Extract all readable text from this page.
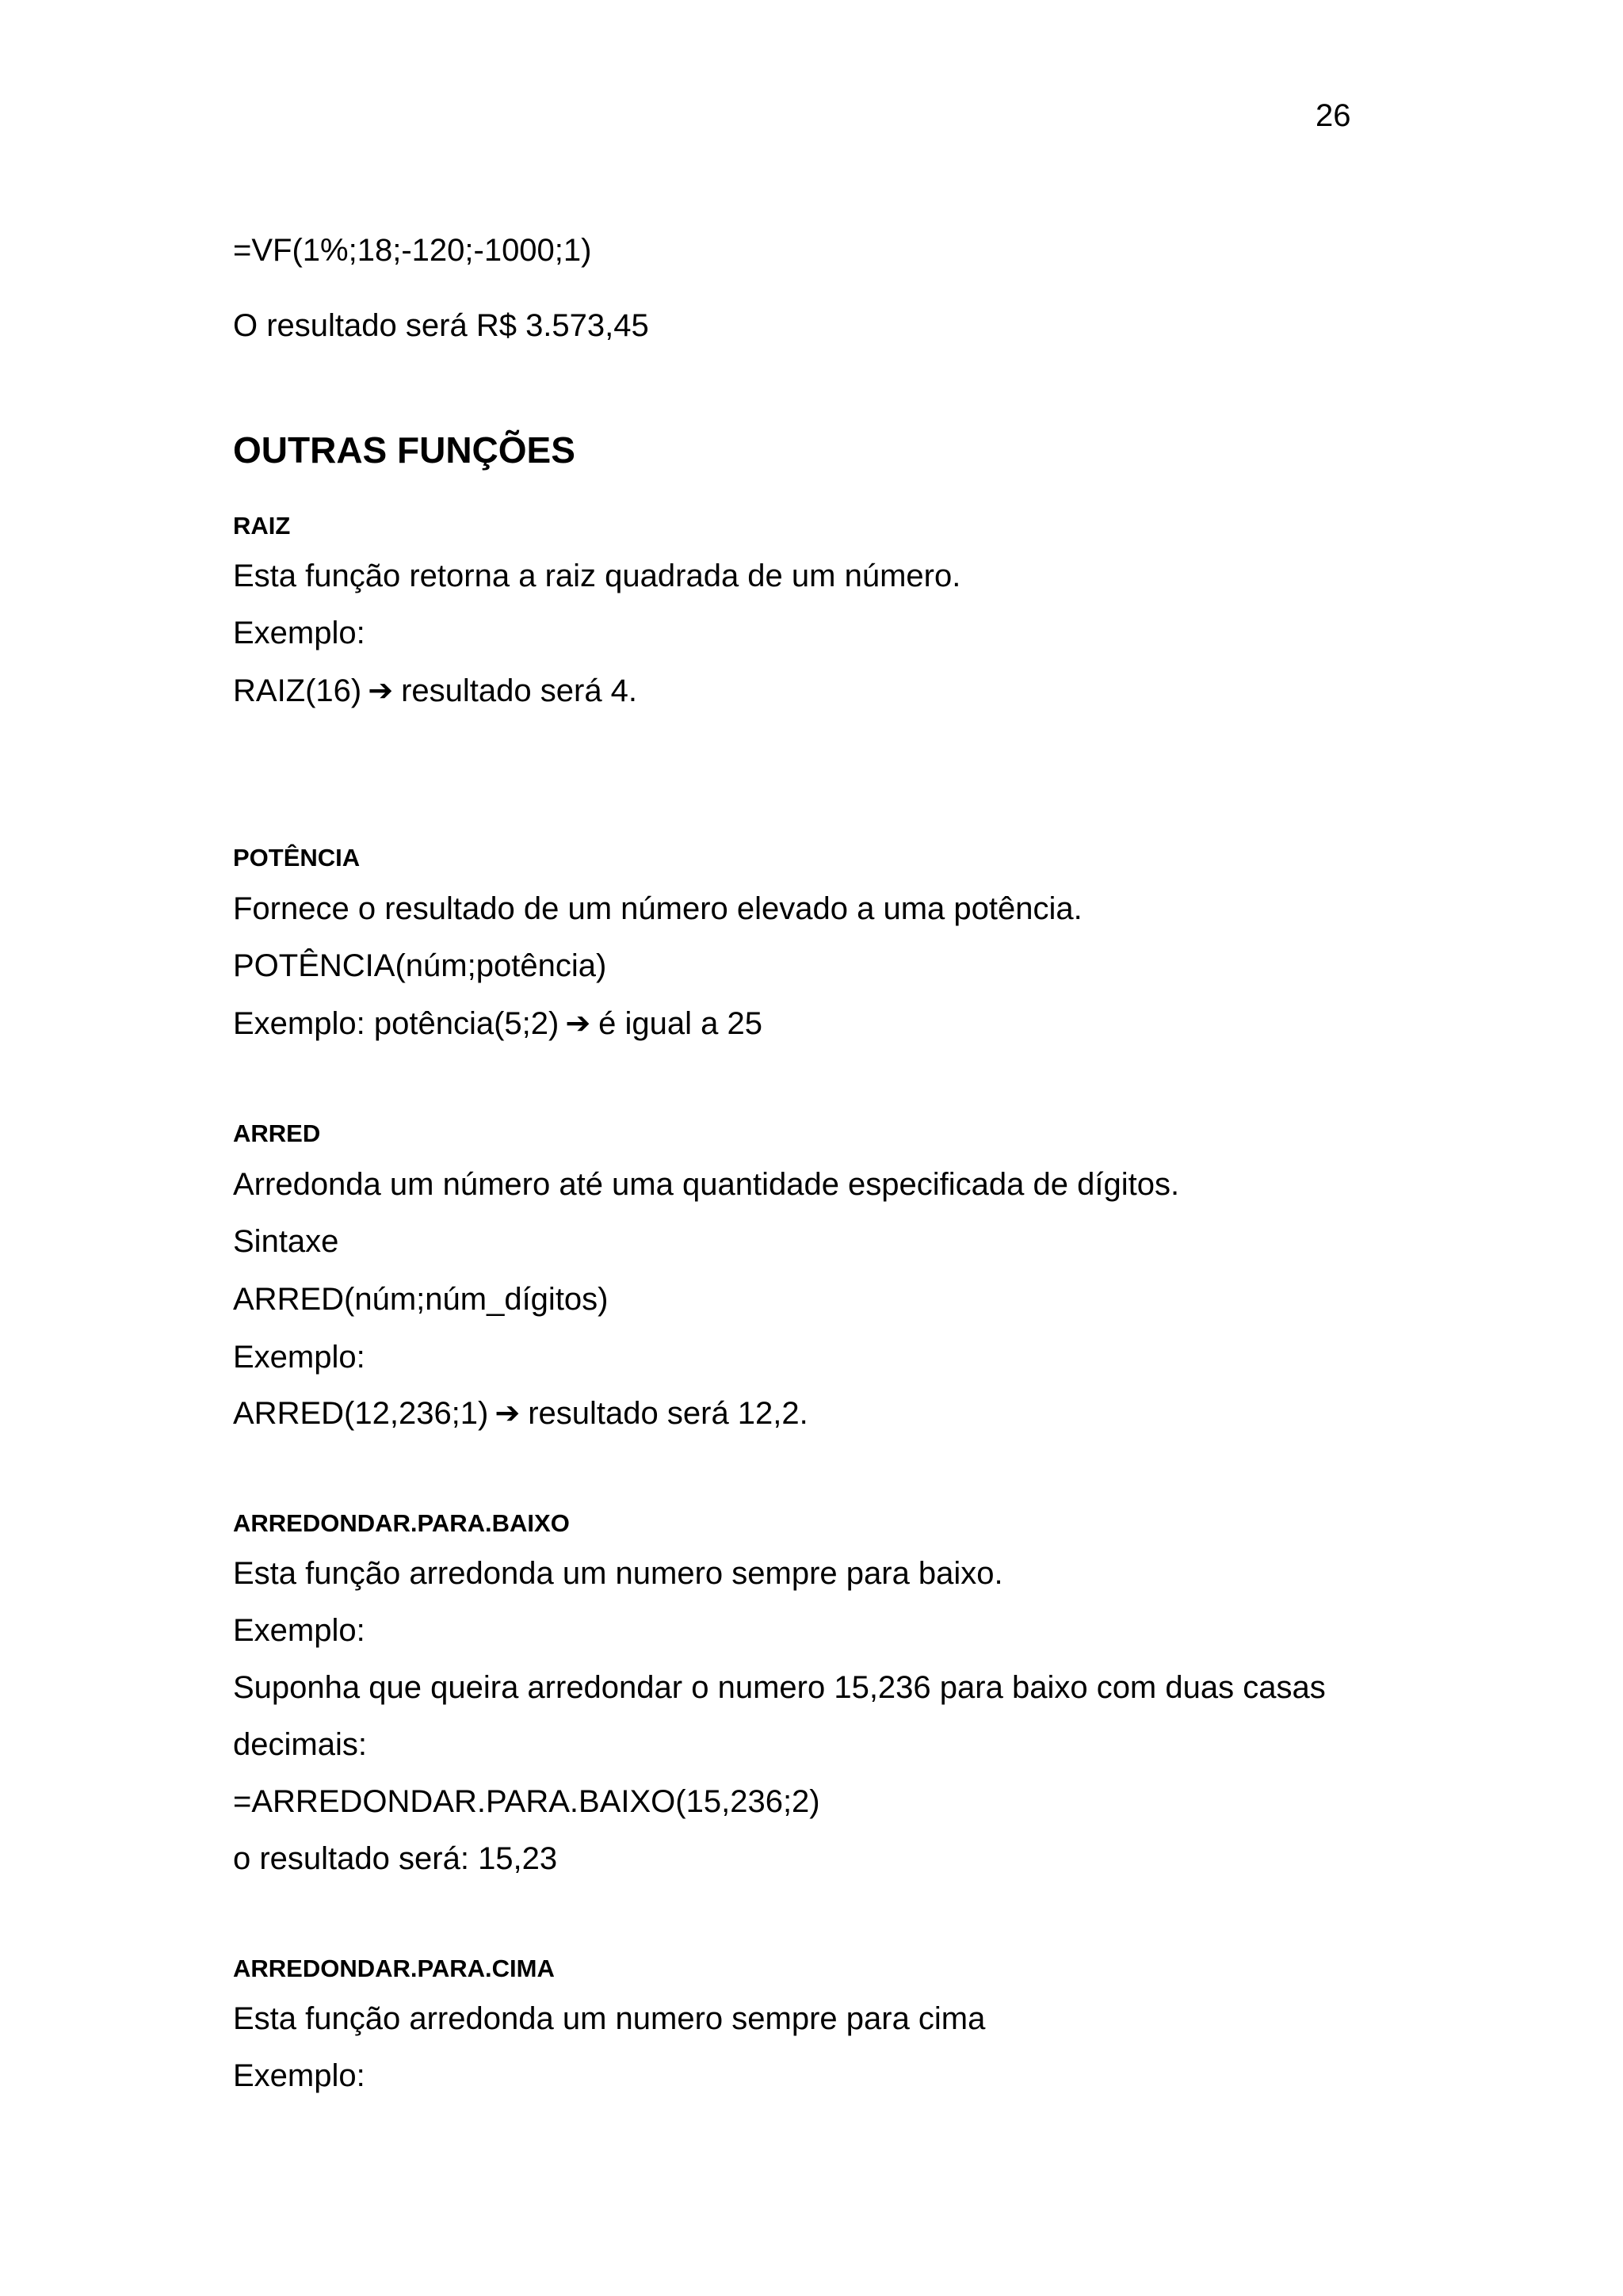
26
=VF(1%;18;-120;-1000;1)
O resultado será R$ 3.573,45
OUTRAS FUNÇÕES
RAIZ
Esta função retorna a raiz quadrada de um número.
Exemplo:
RAIZ(16) ➔ resultado será 4.
POTÊNCIA
Fornece o resultado de um número elevado a uma potência.
POTÊNCIA(núm;potência)
Exemplo: potência(5;2) ➔ é igual a 25
ARRED
Arredonda um número até uma quantidade especificada de dígitos.
Sintaxe
ARRED(núm;núm_dígitos)
Exemplo:
ARRED(12,236;1) ➔ resultado será 12,2.
ARREDONDAR.PARA.BAIXO
Esta função arredonda um numero sempre para baixo.
Exemplo:
Suponha que queira arredondar o numero 15,236 para baixo com duas casas
decimais:
=ARREDONDAR.PARA.BAIXO(15,236;2)
o resultado será: 15,23
ARREDONDAR.PARA.CIMA
Esta função arredonda um numero sempre para cima
Exemplo:
